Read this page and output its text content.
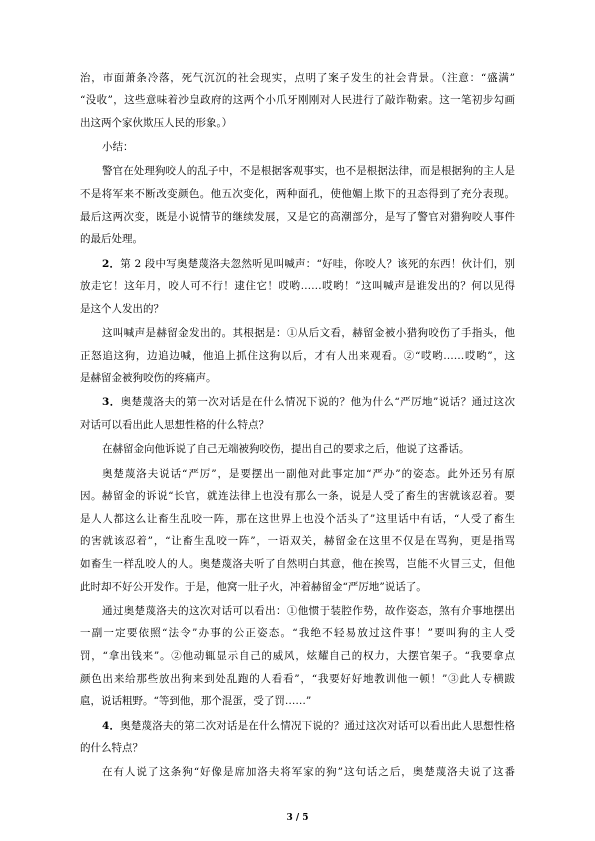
治，市面萧条冷落，死气沉沉的社会现实，点明了案子发生的社会背景。（注意：“盛满”
“没收”，这些意味着沙皇政府的这两个小爪牙刚刚对人民进行了敲诈勒索。这一笔初步勾画
出这两个家伙欺压人民的形象。）
小结：
警官在处理狗咬人的乱子中，不是根据客观事实，也不是根据法律，而是根据狗的主人是
不是将军来不断改变颜色。他五次变化，两种面孔，使他媚上欺下的丑态得到了充分表现。
最后这两次变，既是小说情节的继续发展，又是它的高潮部分，是写了警官对猎狗咬人事件
的最后处理。
2．第 2 段中写奥楚蔑洛夫忽然听见叫喊声：“好哇，你咬人？该死的东西！伙计们，别
放走它！这年月，咬人可不行！逮住它！哎哟……哎哟！”这叫喊声是谁发出的？何以见得
是这个人发出的？
这叫喊声是赫留金发出的。其根据是：①从后文看，赫留金被小猎狗咬伤了手指头，他
正怒追这狗，边追边喊，他追上抓住这狗以后，才有人出来观看。②“哎哟……哎哟”，这
是赫留金被狗咬伤的疼痛声。
3．奥楚蔑洛夫的第一次对话是在什么情况下说的？他为什么“严厉地”说话？通过这次
对话可以看出此人思想性格的什么特点？
在赫留金向他诉说了自己无端被狗咬伤，提出自己的要求之后，他说了这番话。
奥楚蔑洛夫说话“严厉”，是要摆出一副他对此事定加“严办”的姿态。此外还另有原
因。赫留金的诉说“长官，就连法律上也没有那么一条，说是人受了畜生的害就该忍着。要
是人人都这么让畜生乱咬一阵，那在这世界上也没个活头了”这里话中有话，“人受了畜生
的害就该忍着”，“让畜生乱咬一阵”，一语双关，赫留金在这里不仅是在骂狗，更是指骂
如畜生一样乱咬人的人。奥楚蔑洛夫听了自然明白其意，他在挨骂，岂能不火冒三丈，但他
此时却不好公开发作。于是，他窝一肚子火，冲着赫留金“严厉地”说话了。
通过奥楚蔑洛夫的这次对话可以看出：①他惯于装腔作势，故作姿态，煞有介事地摆出
一副一定要依照“法令”办事的公正姿态。“我绝不轻易放过这件事！”要叫狗的主人受
罚，“拿出钱来”。②他动辄显示自己的威风，炫耀自己的权力，大摆官架子。“我要拿点
颜色出来给那些放出狗来到处乱跑的人看看”，“我要好好地教训他一顿！”③此人专横跋
扈，说话粗野。“等到他，那个混蛋，受了罚……”
4．奥楚蔑洛夫的第二次对话是在什么情况下说的？通过这次对话可以看出此人思想性格
的什么特点？
在有人说了这条狗“好像是席加洛夫将军家的狗”这句话之后，奥楚蔑洛夫说了这番
3 / 5
